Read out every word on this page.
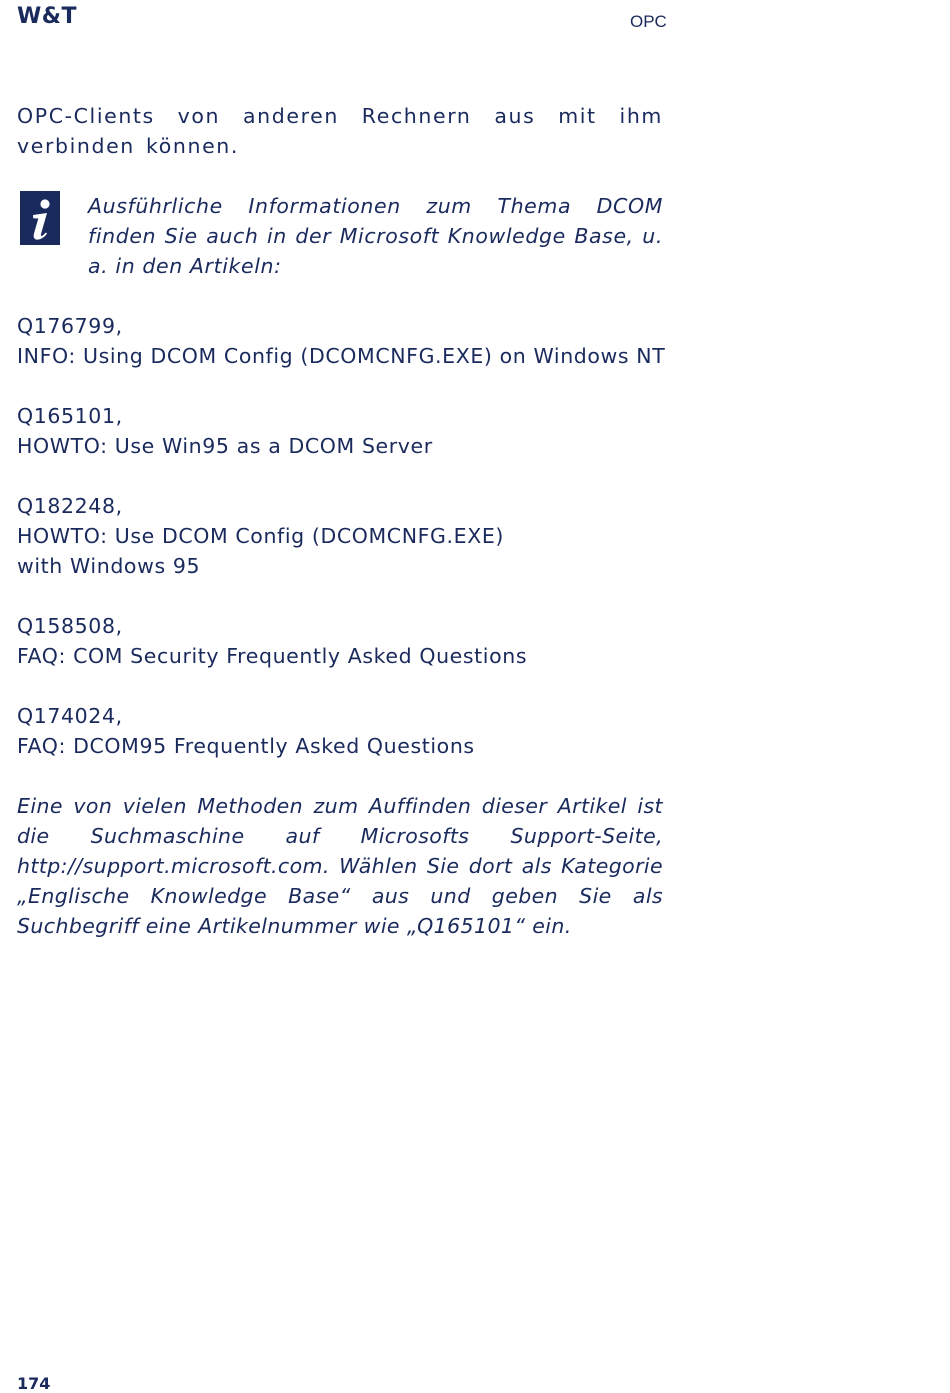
W&T	OPC

OPC-Clients von anderen Rechnern aus mit ihm verbinden können.

Ausführliche Informationen zum Thema DCOM finden Sie auch in der Microsoft Knowledge Base, u. a. in den Artikeln:

Q176799,
INFO: Using DCOM Config (DCOMCNFG.EXE) on Windows NT
Q165101,
HOWTO: Use Win95 as a DCOM Server
Q182248,
HOWTO: Use DCOM Config (DCOMCNFG.EXE)
with Windows 95
Q158508,
FAQ: COM Security Frequently Asked Questions
Q174024,
FAQ: DCOM95 Frequently Asked Questions

Eine von vielen Methoden zum Auffinden dieser Artikel ist die Suchmaschine auf Microsofts Support-Seite, http://support.microsoft.com. Wählen Sie dort als Kategorie „Englische Knowledge Base“ aus und geben Sie als Suchbegriff eine Artikelnummer wie „Q165101“ ein.

174
